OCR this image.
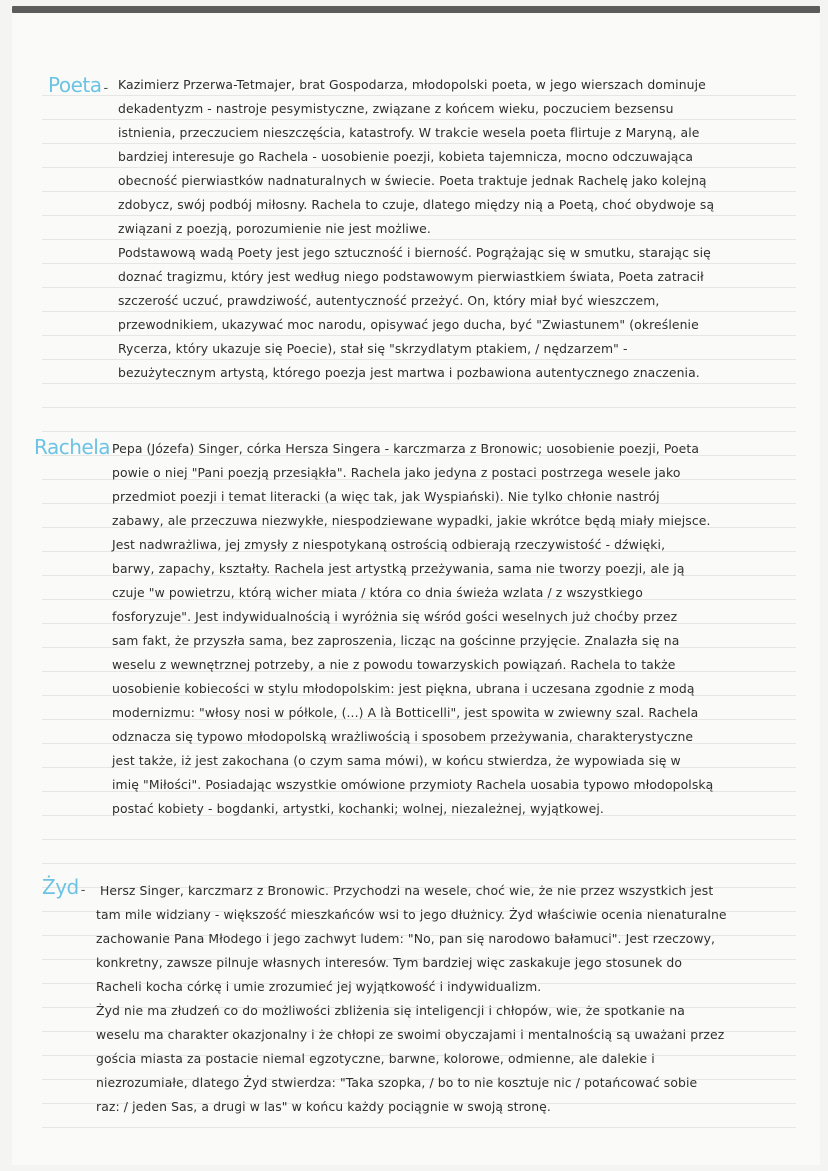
Poeta - Kazimierz Przerwa-Tetmajer, brat Gospodarza, młodopolski poeta, w jego wierszach dominuje
dekadentyzm - nastroje pesymistyczne, związane z końcem wieku, poczuciem bezsensu
istnienia, przeczuciem nieszczęścia, katastrofy. W trakcie wesela poeta flirtuje z Maryną, ale
bardziej interesuje go Rachela - uosobienie poezji, kobieta tajemnicza, mocno odczuwająca
obecność pierwiastków nadnaturalnych w świecie. Poeta traktuje jednak Rachelę jako kolejną
zdobycz, swój podbój miłosny. Rachela to czuje, dlatego między nią a Poetą, choć obydwoje są
związani z poezją, porozumienie nie jest możliwe.
Podstawową wadą Poety jest jego sztuczność i bierność. Pogrążając się w smutku, starając się
doznać tragizmu, który jest według niego podstawowym pierwiastkiem świata, Poeta zatracił
szczerość uczuć, prawdziwość, autentyczność przeżyć. On, który miał być wieszczem,
przewodnikiem, ukazywać moc narodu, opisywać jego ducha, być "Zwiastunem" (określenie
Rycerza, który ukazuje się Poecie), stał się "skrzydlatym ptakiem, / nędzarzem" -
bezużytecznym artystą, którego poezja jest martwa i pozbawiona autentycznego znaczenia.
Rachela Pepa (Józefa) Singer, córka Hersza Singera - karczmarza z Bronowic; uosobienie poezji, Poeta
powie o niej "Pani poezją przesiąkła". Rachela jako jedyna z postaci postrzega wesele jako
przedmiot poezji i temat literacki (a więc tak, jak Wyspiański). Nie tylko chłonie nastrój
zabawy, ale przeczuwa niezwykłe, niespodziewane wypadki, jakie wkrótce będą miały miejsce.
Jest nadwrażliwa, jej zmysły z niespotykaną ostrością odbierają rzeczywistość - dźwięki,
barwy, zapachy, kształty. Rachela jest artystką przeżywania, sama nie tworzy poezji, ale ją
czuje "w powietrzu, którą wicher miata / która co dnia świeża wzlata / z wszystkiego
fosforyzuje". Jest indywidualnością i wyróżnia się wśród gości weselnych już choćby przez
sam fakt, że przyszła sama, bez zaproszenia, licząc na gościnne przyjęcie. Znalazła się na
weselu z wewnętrznej potrzeby, a nie z powodu towarzyskich powiązań. Rachela to także
uosobienie kobiecości w stylu młodopolskim: jest piękna, ubrana i uczesana zgodnie z modą
modernizmu: "włosy nosi w półkole, (...) A là Botticelli", jest spowita w zwiewny szal. Rachela
odznacza się typowo młodopolską wrażliwością i sposobem przeżywania, charakterystyczne
jest także, iż jest zakochana (o czym sama mówi), w końcu stwierdza, że wypowiada się w
imię "Miłości". Posiadając wszystkie omówione przymioty Rachela uosabia typowo młodopolską
postać kobiety - bogdanki, artystki, kochanki; wolnej, niezależnej, wyjątkowej.
Żyd - Hersz Singer, karczmarz z Bronowic. Przychodzi na wesele, choć wie, że nie przez wszystkich jest
tam mile widziany - większość mieszkańców wsi to jego dłużnicy. Żyd właściwie ocenia nienaturalne
zachowanie Pana Młodego i jego zachwyt ludem: "No, pan się narodowo bałamuci". Jest rzeczowy,
konkretny, zawsze pilnuje własnych interesów. Tym bardziej więc zaskakuje jego stosunek do
Racheli kocha córkę i umie zrozumieć jej wyjątkowość i indywidualizm.
Żyd nie ma złudzeń co do możliwości zbliżenia się inteligencji i chłopów, wie, że spotkanie na
weselu ma charakter okazjonalny i że chłopi ze swoimi obyczajami i mentalnością są uważani przez
gościa miasta za postacie niemal egzotyczne, barwne, kolorowe, odmienne, ale dalekie i
niezrozumiałe, dlatego Żyd stwierdza: "Taka szopka, / bo to nie kosztuje nic / potańcować sobie
raz: / jeden Sas, a drugi w las" w końcu każdy pociągnie w swoją stronę.
